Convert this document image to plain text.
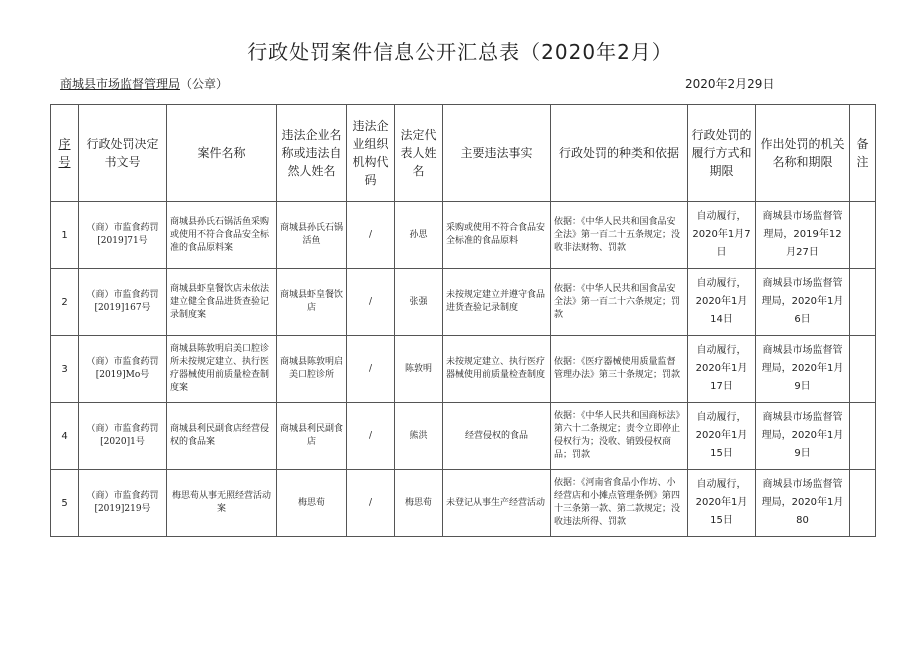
行政处罚案件信息公开汇总表（2020年2月）
商城县市场监督管理局（公章）	2020年2月29日
序号	行政处罚决定书文号	案件名称	违法企业名称或违法自然人姓名	违法企业组织机构代码	法定代表人姓名	主要违法事实	行政处罚的种类和依据	行政处罚的履行方式和期限	作出处罚的机关名称和期限	备注
1	（商）市监食药罚[2019]71号	商城县孙氏石锅活鱼采购或使用不符合食品安全标准的食品原料案	商城县孙氏石锅活鱼	/	孙思	采购或使用不符合食品安全标准的食品原料	依据：《中华人民共和国食品安全法》第一百二十五条规定；没收非法财物、罚款	自动履行，2020年1月7日	商城县市场监督管理局，2019年12月27日	
2	（商）市监食药罚[2019]167号	商城县虾皇餐饮店未依法建立健全食品进货查验记录制度案	商城县虾皇餐饮店	/	张强	未按规定建立并遵守食品进货查验记录制度	依据：《中华人民共和国食品安全法》第一百二十六条规定；罚款	自动履行，2020年1月14日	商城县市场监督管理局，2020年1月6日	
3	（商）市监食药罚[2019]Mo号	商城县陈敦明启美口腔诊所未按规定建立、执行医疗器械使用前质量检查制度案	商城县陈敦明启美口腔诊所	/	陈敦明	未按规定建立、执行医疗器械使用前质量检查制度	依据：《医疗器械使用质量监督管理办法》第三十条规定；罚款	自动履行，2020年1月17日	商城县市场监督管理局，2020年1月9日	
4	（商）市监食药罚[2020]1号	商城县利民副食店经营侵权的食品案	商城县利民副食店	/	熊洪	经营侵权的食品	依据：《中华人民共和国商标法》第六十二条规定；责令立即停止侵权行为；没收、销毁侵权商品；罚款	自动履行，2020年1月15日	商城县市场监督管理局，2020年1月9日	
5	（商）市监食药罚[2019]219号	梅思荀从事无照经营活动案	梅思荀	/	梅思荀	未登记从事生产经营活动	依据：《河南省食品小作坊、小经营店和小摊点管理条例》第四十三条第一款、第二款规定；没收违法所得、罚款	自动履行，2020年1月15日	商城县市场监督管理局，2020年1月80	
